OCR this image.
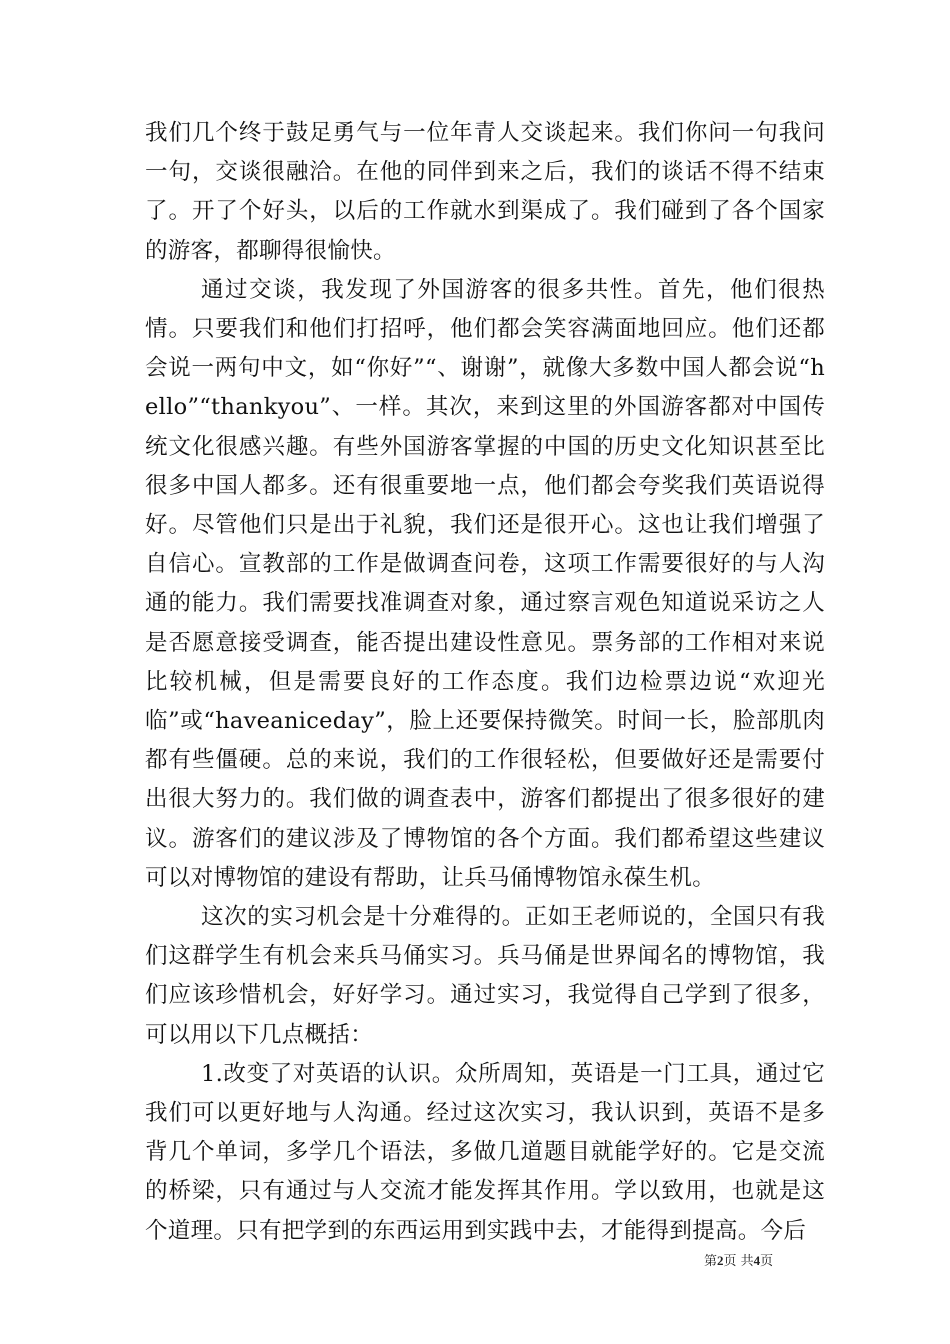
我们几个终于鼓足勇气与一位年青人交谈起来。我们你问一句我问一句，交谈很融洽。在他的同伴到来之后，我们的谈话不得不结束了。开了个好头，以后的工作就水到渠成了。我们碰到了各个国家的游客，都聊得很愉快。

通过交谈，我发现了外国游客的很多共性。首先，他们很热情。只要我们和他们打招呼，他们都会笑容满面地回应。他们还都会说一两句中文，如“你好”“、谢谢”，就像大多数中国人都会说“hello”“thankyou”、一样。其次，来到这里的外国游客都对中国传统文化很感兴趣。有些外国游客掌握的中国的历史文化知识甚至比很多中国人都多。还有很重要地一点，他们都会夸奖我们英语说得好。尽管他们只是出于礼貌，我们还是很开心。这也让我们增强了自信心。宣教部的工作是做调查问卷，这项工作需要很好的与人沟通的能力。我们需要找准调查对象，通过察言观色知道说采访之人是否愿意接受调查，能否提出建设性意见。票务部的工作相对来说比较机械，但是需要良好的工作态度。我们边检票边说“欢迎光临”或“haveaniceday”，脸上还要保持微笑。时间一长，脸部肌肉都有些僵硬。总的来说，我们的工作很轻松，但要做好还是需要付出很大努力的。我们做的调查表中，游客们都提出了很多很好的建议。游客们的建议涉及了博物馆的各个方面。我们都希望这些建议可以对博物馆的建设有帮助，让兵马俑博物馆永葆生机。

这次的实习机会是十分难得的。正如王老师说的，全国只有我们这群学生有机会来兵马俑实习。兵马俑是世界闻名的博物馆，我们应该珍惜机会，好好学习。通过实习，我觉得自己学到了很多，可以用以下几点概括：

1.改变了对英语的认识。众所周知，英语是一门工具，通过它我们可以更好地与人沟通。经过这次实习，我认识到，英语不是多背几个单词，多学几个语法，多做几道题目就能学好的。它是交流的桥梁，只有通过与人交流才能发挥其作用。学以致用，也就是这个道理。只有把学到的东西运用到实践中去，才能得到提高。今后

第2页 共4页
